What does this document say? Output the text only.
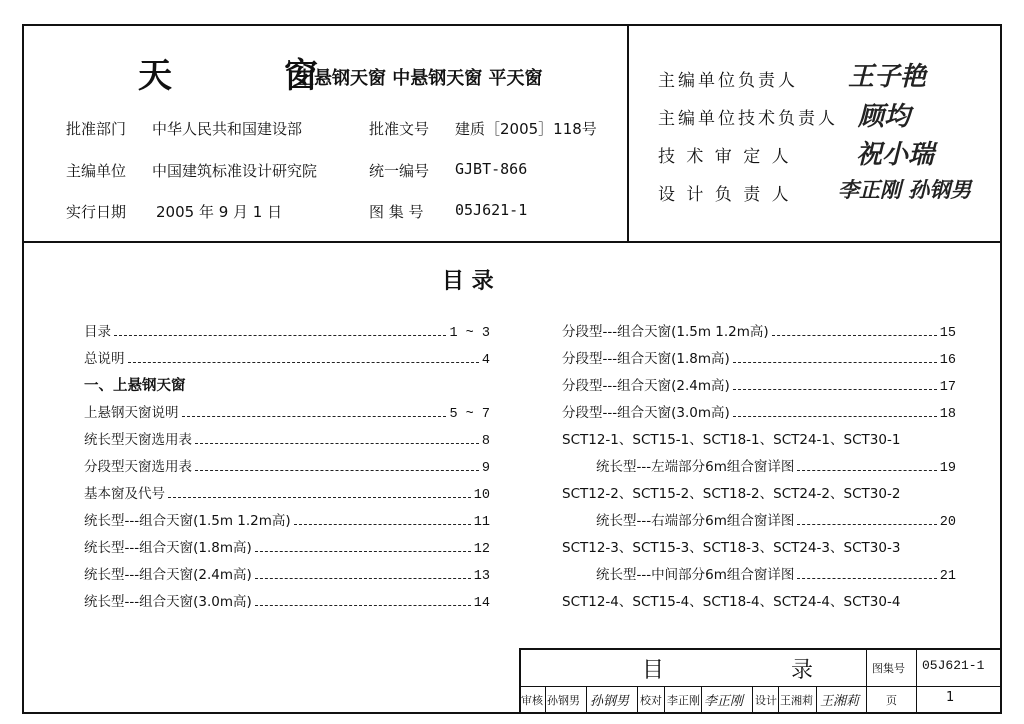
天 窗
上悬钢天窗 中悬钢天窗 平天窗
批准部门 中华人民共和国建设部
主编单位 中国建筑标准设计研究院
实行日期 2005 年 9 月 1 日
批准文号 建质［2005］118号
统一编号 GJBT-866
图 集 号 05J621-1
主编单位负责人 王子艳
主编单位技术负责人 顾均
技 术 审 定 人 祝小瑞
设 计 负 责 人 李正刚 孙钢男
目 录
目录	1 ~ 3
总说明	4
一、上悬钢天窗
上悬钢天窗说明	5 ~ 7
统长型天窗选用表	8
分段型天窗选用表	9
基本窗及代号	10
统长型---组合天窗(1.5m 1.2m高)	11
统长型---组合天窗(1.8m高)	12
统长型---组合天窗(2.4m高)	13
统长型---组合天窗(3.0m高)	14
分段型---组合天窗(1.5m 1.2m高)	15
分段型---组合天窗(1.8m高)	16
分段型---组合天窗(2.4m高)	17
分段型---组合天窗(3.0m高)	18
SCT12-1、SCT15-1、SCT18-1、SCT24-1、SCT30-1
统长型---左端部分6m组合窗详图	19
SCT12-2、SCT15-2、SCT18-2、SCT24-2、SCT30-2
统长型---右端部分6m组合窗详图	20
SCT12-3、SCT15-3、SCT18-3、SCT24-3、SCT30-3
统长型---中间部分6m组合窗详图	21
SCT12-4、SCT15-4、SCT18-4、SCT24-4、SCT30-4
目 录 图集号 05J621-1
审核 孙钢男 孙钢男 校对 李正刚 李正刚 设计 王湘莉 王湘莉 页	1
